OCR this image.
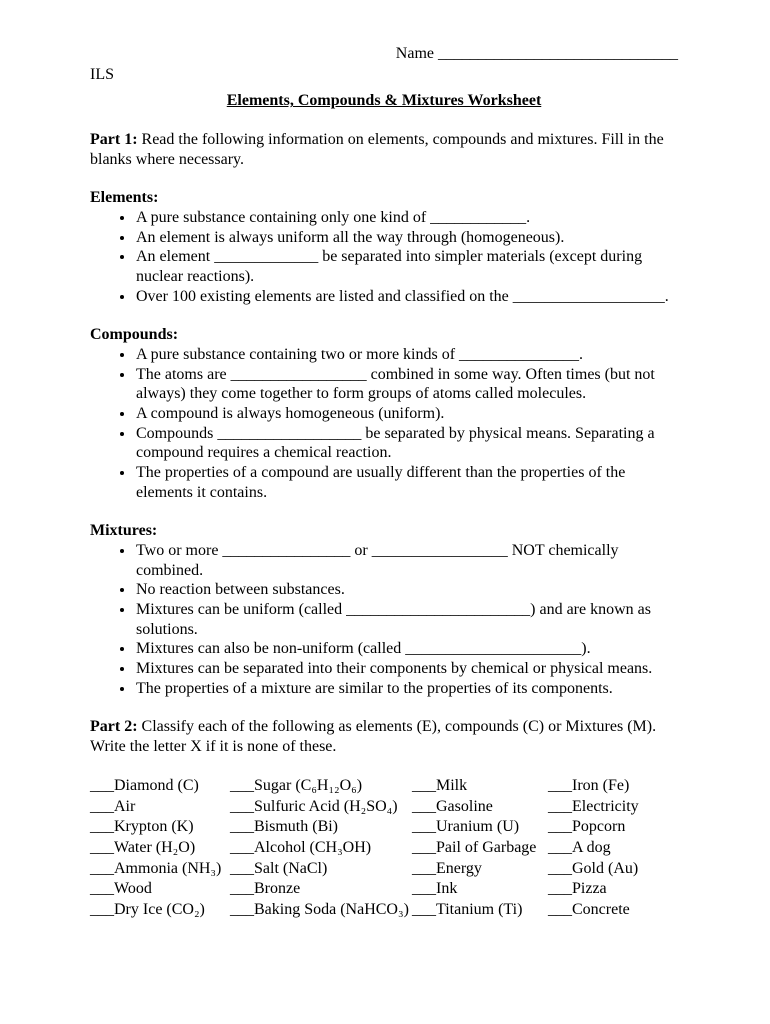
Name ______________________________
ILS
Elements, Compounds & Mixtures Worksheet

Part 1: Read the following information on elements, compounds and mixtures. Fill in the blanks where necessary.

Elements:
• A pure substance containing only one kind of ____________.
• An element is always uniform all the way through (homogeneous).
• An element _____________ be separated into simpler materials (except during nuclear reactions).
• Over 100 existing elements are listed and classified on the ___________________.
Compounds:
• A pure substance containing two or more kinds of _______________.
• The atoms are _________________ combined in some way. Often times (but not always) they come together to form groups of atoms called molecules.
• A compound is always homogeneous (uniform).
• Compounds __________________ be separated by physical means. Separating a compound requires a chemical reaction.
• The properties of a compound are usually different than the properties of the elements it contains.
Mixtures:
• Two or more ________________ or _________________ NOT chemically combined.
• No reaction between substances.
• Mixtures can be uniform (called _______________________) and are known as solutions.
• Mixtures can also be non-uniform (called ______________________).
• Mixtures can be separated into their components by chemical or physical means.
• The properties of a mixture are similar to the properties of its components.

Part 2: Classify each of the following as elements (E), compounds (C) or Mixtures (M). Write the letter X if it is none of these.

___Diamond (C)
___Air
___Krypton (K)
___Water (H₂O)
___Ammonia (NH₃)
___Wood
___Dry Ice (CO₂)
___Sugar (C₆H₁₂O₆)
___Sulfuric Acid (H₂SO₄)
___Bismuth (Bi)
___Alcohol (CH₃OH)
___Salt (NaCl)
___Bronze
___Baking Soda (NaHCO₃)
___Milk
___Gasoline
___Uranium (U)
___Pail of Garbage
___Energy
___Ink
___Titanium (Ti)
___Iron (Fe)
___Electricity
___Popcorn
___A dog
___Gold (Au)
___Pizza
___Concrete
